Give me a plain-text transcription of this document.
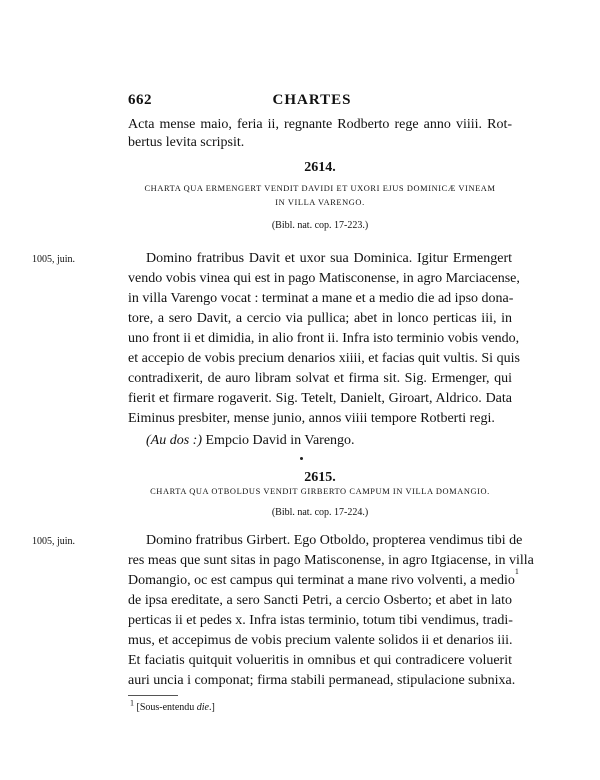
662	CHARTES
Acta mense maio, feria ii, regnante Rodberto rege anno viiii. Rot-
bertus levita scripsit.
2614.
CHARTA QUA ERMENGERT VENDIT DAVIDI ET UXORI EJUS DOMINICÆ VINEAM
IN VILLA VARENGO.
(Bibl. nat. cop. 17-223.)
1005, juin.	Domino fratribus Davit et uxor sua Dominica. Igitur Ermengert
vendo vobis vinea qui est in pago Matisconense, in agro Marciacense,
in villa Varengo vocat : terminat a mane et a medio die ad ipso dona-
tore, a sero Davit, a cercio via pullica; abet in lonco perticas iii, in
uno front ii et dimidia, in alio front ii. Infra isto terminio vobis vendo,
et accepio de vobis precium denarios xiiii, et facias quit vultis. Si quis
contradixerit, de auro libram solvat et firma sit. Sig. Ermenger, qui
fierit et firmare rogaverit. Sig. Tetelt, Danielt, Giroart, Aldrico. Data
Eiminus presbiter, mense junio, annos viiii tempore Rotberti regi.
(Au dos :) Empcio David in Varengo.
2615.
CHARTA QUA OTBOLDUS VENDIT GIRBERTO CAMPUM IN VILLA DOMANGIO.
(Bibl. nat. cop. 17-224.)
1005, juin.	Domino fratribus Girbert. Ego Otboldo, propterea vendimus tibi de
res meas que sunt sitas in pago Matisconense, in agro Itgiacense, in villa
Domangio, oc est campus qui terminat a mane rivo volventi, a medio
1
de ipsa ereditate, a sero Sancti Petri, a cercio Osberto; et abet in lato
perticas ii et pedes x. Infra istas terminio, totum tibi vendimus, tradi-
mus, et accepimus de vobis precium valente solidos ii et denarios iii.
Et faciatis quitquit volueritis in omnibus et qui contradicere voluerit
auri uncia i componat; firma stabili permanead, stipulacione subnixa.
$^1$ [Sous-entendu die.]
